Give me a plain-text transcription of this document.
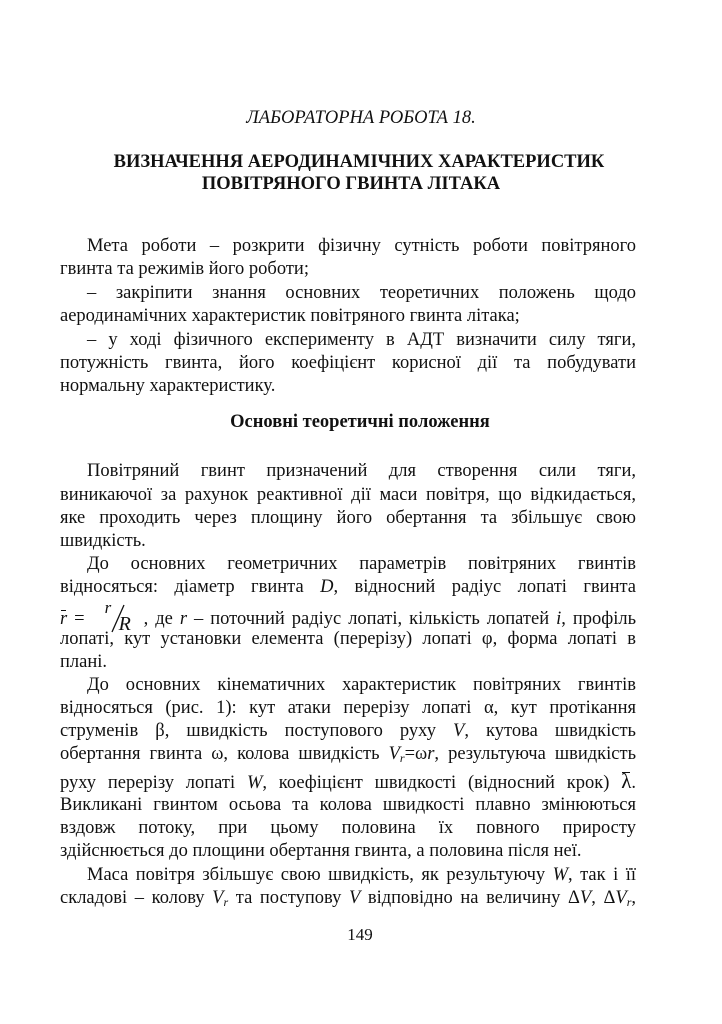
ЛАБОРАТОРНА РОБОТА 18.
ВИЗНАЧЕННЯ АЕРОДИНАМІЧНИХ ХАРАКТЕРИСТИК
ПОВІТРЯНОГО ГВИНТА ЛІТАКА
Мета роботи – розкрити фізичну сутність роботи повітряного
гвинта та режимів його роботи;
– закріпити знання основних теоретичних положень щодо
аеродинамічних характеристик повітряного гвинта літака;
– у ході фізичного експерименту в АДТ визначити силу тяги,
потужність гвинта, його коефіцієнт корисної дії та побудувати
нормальну характеристику.
Основні теоретичні положення
Повітряний гвинт призначений для створення сили тяги,
виникаючої за рахунок реактивної дії маси повітря, що відкидається,
яке проходить через площину його обертання та збільшує свою
швидкість.
До основних геометричних параметрів повітряних гвинтів
відносяться: діаметр гвинта D, відносний радіус лопаті гвинта
r =
r
R , де r – поточний радіус лопаті, кількість лопатей i, профіль
лопаті, кут установки елемента (перерізу) лопаті φ, форма лопаті в
плані.
До основних кінематичних характеристик повітряних гвинтів
відносяться (рис. 1): кут атаки перерізу лопаті α, кут протікання
струменів β, швидкість поступового руху V, кутова швидкість
обертання гвинта ω, колова швидкість $V_r=\omega r$, результуюча швидкість
руху перерізу лопаті W, коефіцієнт швидкості (відносний крок) λ.
Викликані гвинтом осьова та колова швидкості плавно змінюються
вздовж потоку, при цьому половина їх повного приросту
здійснюється до площини обертання гвинта, а половина після неї.
Маса повітря збільшує свою швидкість, як результуючу W, так і її
складові – колову $V_r$ та поступову V відповідно на величину ΔV, $\Delta V_r$,
149
